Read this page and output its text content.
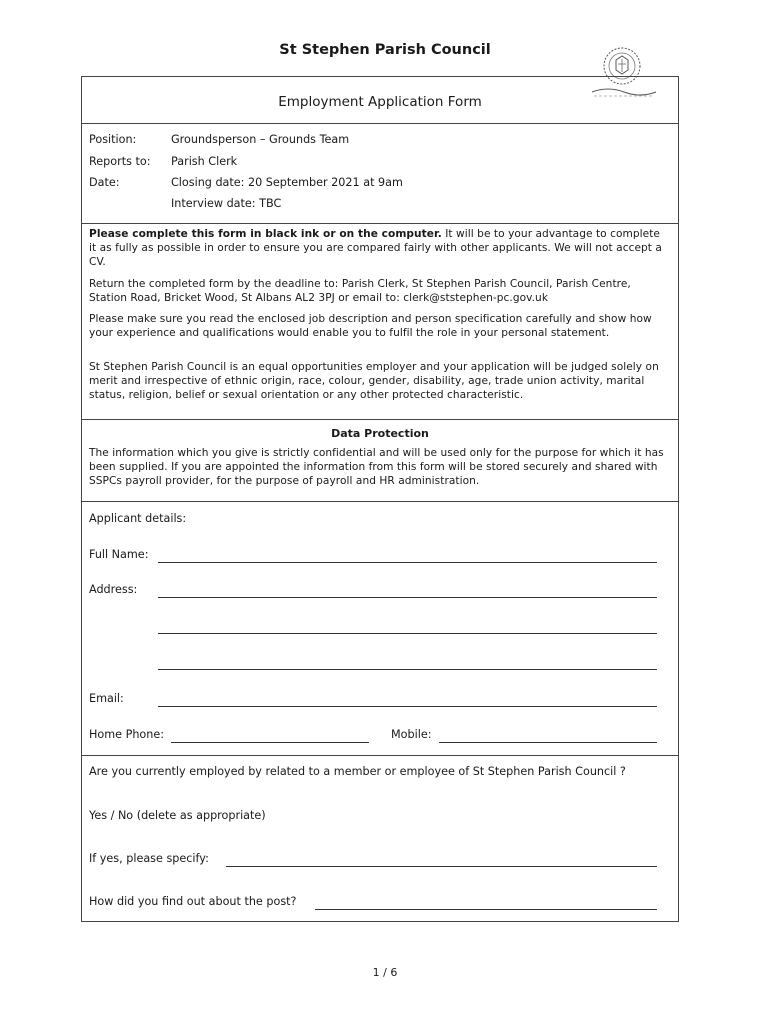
St Stephen Parish Council
Employment Application Form
Position:	Groundsperson – Grounds Team
Reports to: Parish Clerk
Date:	Closing date: 20 September 2021 at 9am
Interview date: TBC

Please complete this form in black ink or on the computer. It will be to your advantage to complete it as fully as possible in order to ensure you are compared fairly with other applicants. We will not accept a CV.

Return the completed form by the deadline to: Parish Clerk, St Stephen Parish Council, Parish Centre, Station Road, Bricket Wood, St Albans AL2 3PJ or email to: clerk@ststephen-pc.gov.uk

Please make sure you read the enclosed job description and person specification carefully and show how your experience and qualifications would enable you to fulfil the role in your personal statement.

St Stephen Parish Council is an equal opportunities employer and your application will be judged solely on merit and irrespective of ethnic origin, race, colour, gender, disability, age, trade union activity, marital status, religion, belief or sexual orientation or any other protected characteristic.

Data Protection

The information which you give is strictly confidential and will be used only for the purpose for which it has been supplied. If you are appointed the information from this form will be stored securely and shared with SSPCs payroll provider, for the purpose of payroll and HR administration.

Applicant details:
Full Name:
Address:
Email:
Home Phone:	Mobile:
Are you currently employed by related to a member or employee of St Stephen Parish Council ?
Yes / No (delete as appropriate)
If yes, please specify:
How did you find out about the post?
1 / 6
